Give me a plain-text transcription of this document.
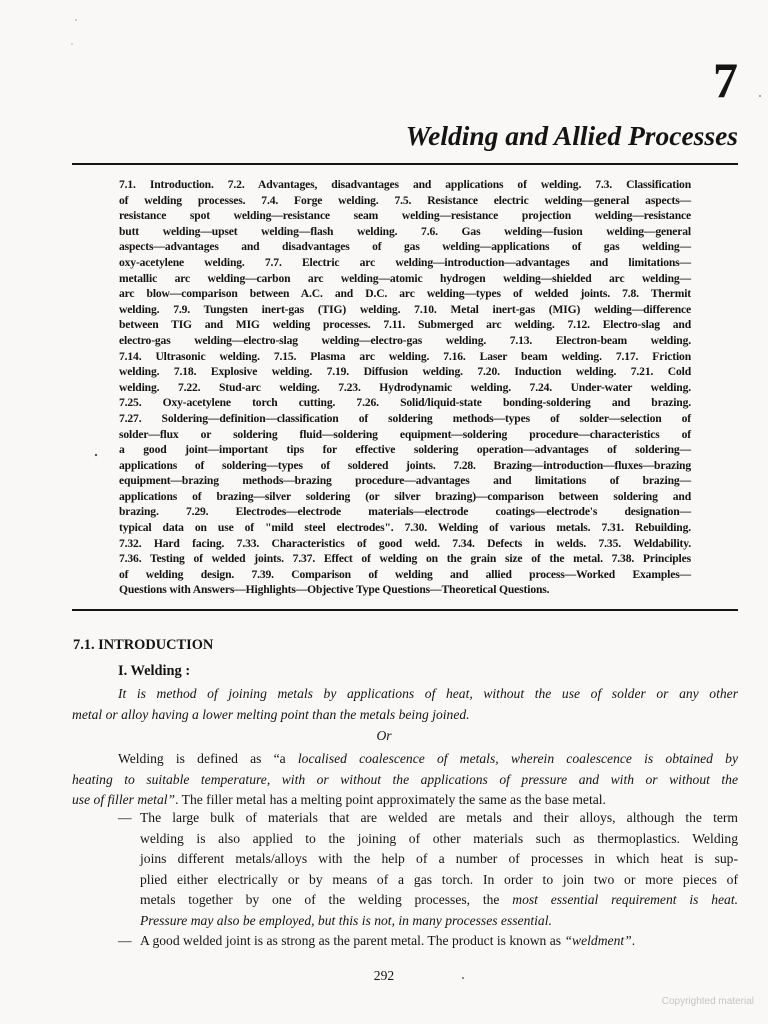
7
Welding and Allied Processes
7.1. Introduction. 7.2. Advantages, disadvantages and applications of welding. 7.3. Classification
of welding processes. 7.4. Forge welding. 7.5. Resistance electric welding—general aspects—
resistance spot welding—resistance seam welding—resistance projection welding—resistance
butt welding—upset welding—flash welding. 7.6. Gas welding—fusion welding—general
aspects—advantages and disadvantages of gas welding—applications of gas welding—
oxy-acetylene welding. 7.7. Electric arc welding—introduction—advantages and limitations—
metallic arc welding—carbon arc welding—atomic hydrogen welding—shielded arc welding—
arc blow—comparison between A.C. and D.C. arc welding—types of welded joints. 7.8. Thermit
welding. 7.9. Tungsten inert-gas (TIG) welding. 7.10. Metal inert-gas (MIG) welding—difference
between TIG and MIG welding processes. 7.11. Submerged arc welding. 7.12. Electro-slag and
electro-gas welding—electro-slag welding—electro-gas welding. 7.13. Electron-beam welding.
7.14. Ultrasonic welding. 7.15. Plasma arc welding. 7.16. Laser beam welding. 7.17. Friction
welding. 7.18. Explosive welding. 7.19. Diffusion welding. 7.20. Induction welding. 7.21. Cold
welding. 7.22. Stud-arc welding. 7.23. Hydrodynamic welding. 7.24. Under-water welding.
7.25. Oxy-acetylene torch cutting. 7.26. Solid/liquid-state bonding-soldering and brazing.
7.27. Soldering—definition—classification of soldering methods—types of solder—selection of
solder—flux or soldering fluid—soldering equipment—soldering procedure—characteristics of
a good joint—important tips for effective soldering operation—advantages of soldering—
applications of soldering—types of soldered joints. 7.28. Brazing—introduction—fluxes—brazing
equipment—brazing methods—brazing procedure—advantages and limitations of brazing—
applications of brazing—silver soldering (or silver brazing)—comparison between soldering and
brazing. 7.29. Electrodes—electrode materials—electrode coatings—electrode's designation—
typical data on use of "mild steel electrodes". 7.30. Welding of various metals. 7.31. Rebuilding.
7.32. Hard facing. 7.33. Characteristics of good weld. 7.34. Defects in welds. 7.35. Weldability.
7.36. Testing of welded joints. 7.37. Effect of welding on the grain size of the metal. 7.38. Principles
of welding design. 7.39. Comparison of welding and allied process—Worked Examples—
Questions with Answers—Highlights—Objective Type Questions—Theoretical Questions.
7.1. INTRODUCTION
I. Welding :
It is method of joining metals by applications of heat, without the use of solder or any other
metal or alloy having a lower melting point than the metals being joined.
Or
Welding is defined as “a localised coalescence of metals, wherein coalescence is obtained by
heating to suitable temperature, with or without the applications of pressure and with or without the
use of filler metal”. The filler metal has a melting point approximately the same as the base metal.
— The large bulk of materials that are welded are metals and their alloys, although the term
welding is also applied to the joining of other materials such as thermoplastics. Welding
joins different metals/alloys with the help of a number of processes in which heat is sup-
plied either electrically or by means of a gas torch. In order to join two or more pieces of
metals together by one of the welding processes, the most essential requirement is heat.
Pressure may also be employed, but this is not, in many processes essential.
— A good welded joint is as strong as the parent metal. The product is known as “weldment”.
292
Copyrighted material
